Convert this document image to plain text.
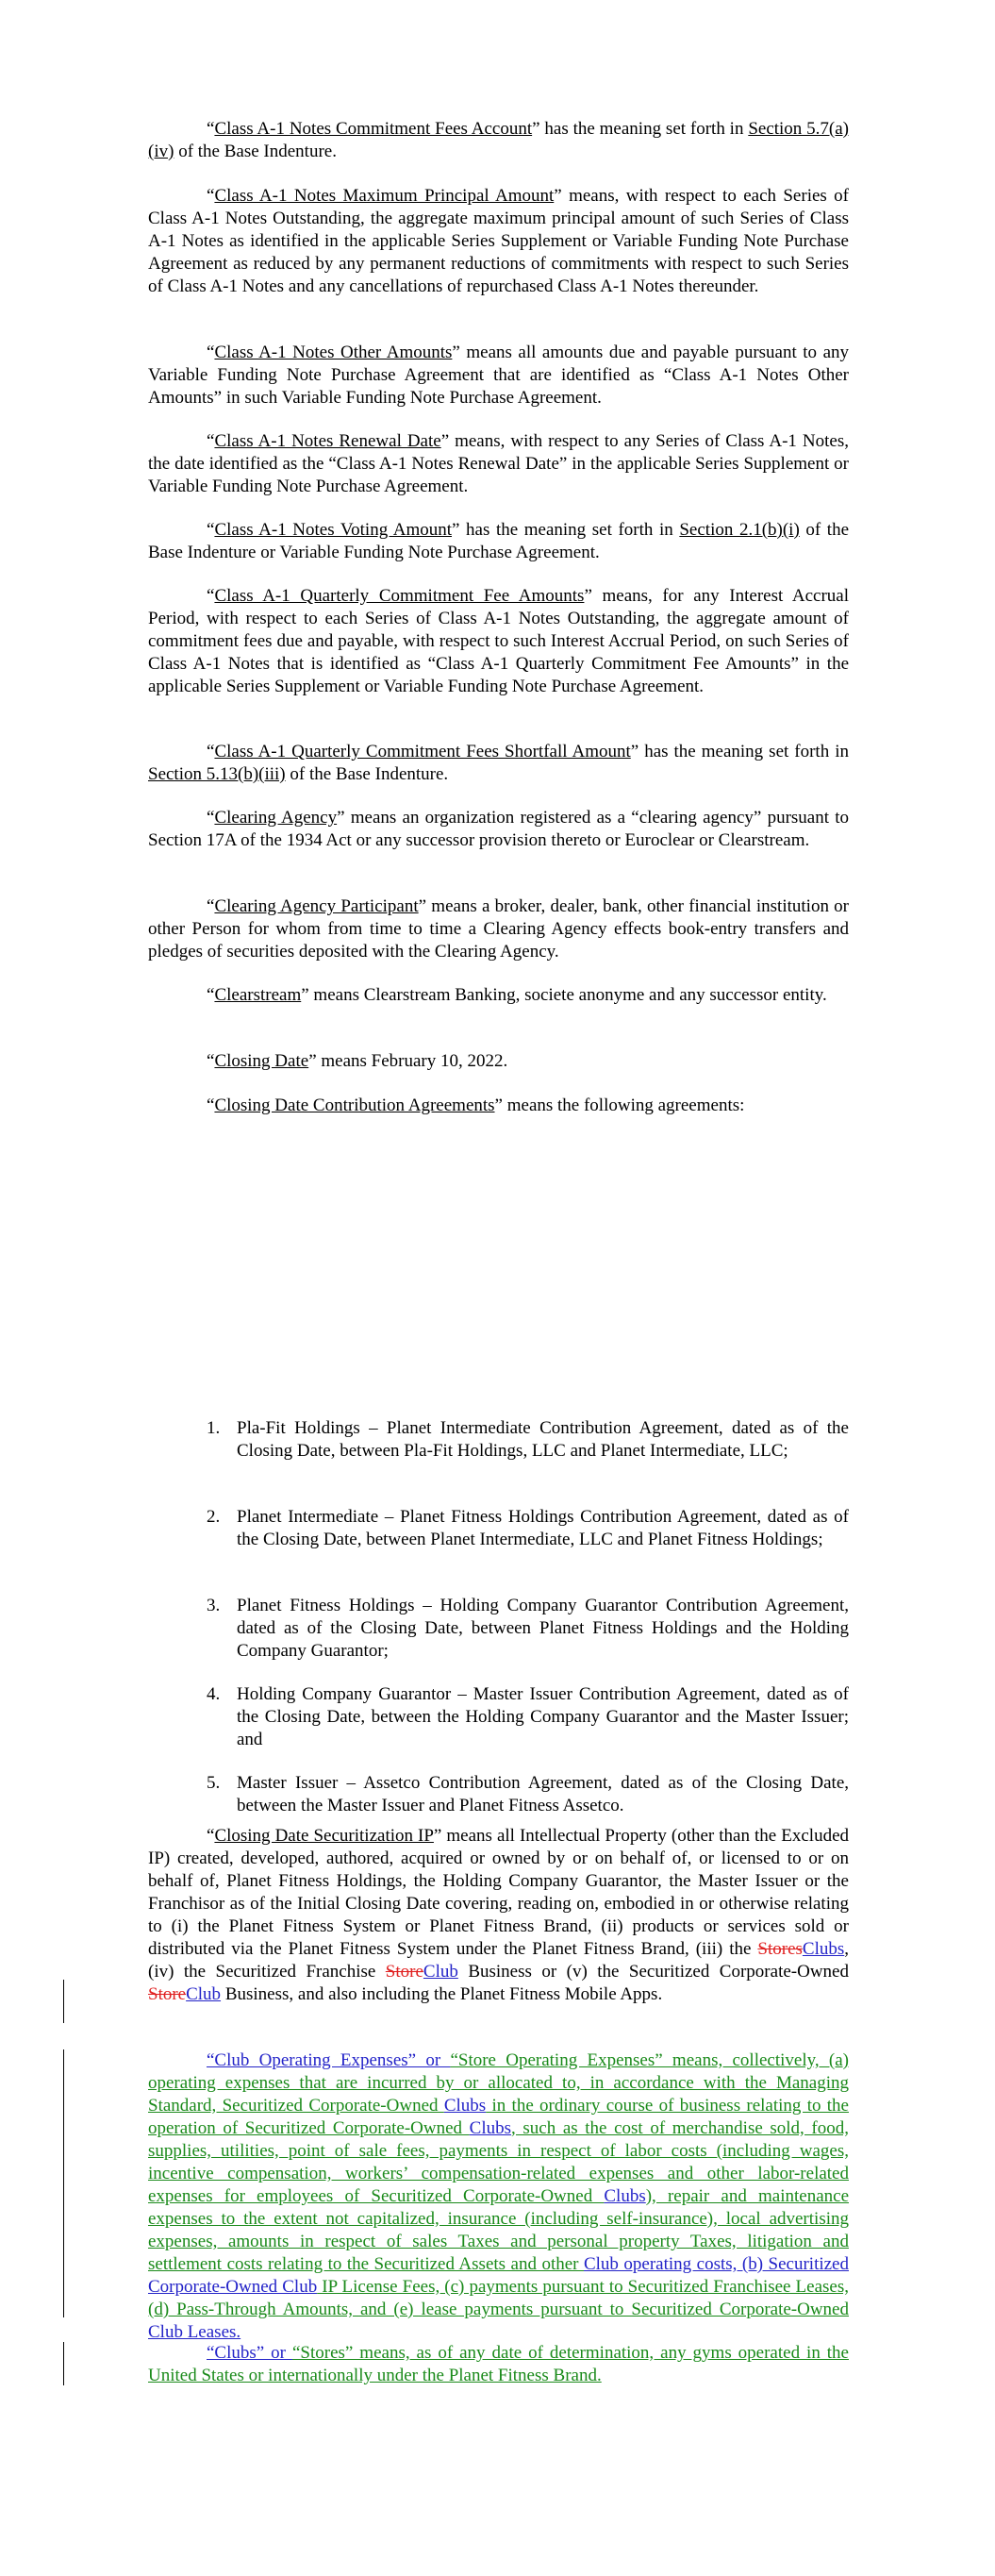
“Class A-1 Notes Commitment Fees Account” has the meaning set forth in Section 5.7(a)(iv) of the Base Indenture.

“Class A-1 Notes Maximum Principal Amount” means, with respect to each Series of Class A-1 Notes Outstanding, the aggregate maximum principal amount of such Series of Class A-1 Notes as identified in the applicable Series Supplement or Variable Funding Note Purchase Agreement as reduced by any permanent reductions of commitments with respect to such Series of Class A-1 Notes and any cancellations of repurchased Class A-1 Notes thereunder.

“Class A-1 Notes Other Amounts” means all amounts due and payable pursuant to any Variable Funding Note Purchase Agreement that are identified as “Class A-1 Notes Other Amounts” in such Variable Funding Note Purchase Agreement.

“Class A-1 Notes Renewal Date” means, with respect to any Series of Class A-1 Notes, the date identified as the “Class A-1 Notes Renewal Date” in the applicable Series Supplement or Variable Funding Note Purchase Agreement.

“Class A-1 Notes Voting Amount” has the meaning set forth in Section 2.1(b)(i) of the Base Indenture or Variable Funding Note Purchase Agreement.

“Class A-1 Quarterly Commitment Fee Amounts” means, for any Interest Accrual Period, with respect to each Series of Class A-1 Notes Outstanding, the aggregate amount of commitment fees due and payable, with respect to such Interest Accrual Period, on such Series of Class A-1 Notes that is identified as “Class A-1 Quarterly Commitment Fee Amounts” in the applicable Series Supplement or Variable Funding Note Purchase Agreement.

“Class A-1 Quarterly Commitment Fees Shortfall Amount” has the meaning set forth in Section 5.13(b)(iii) of the Base Indenture.

“Clearing Agency” means an organization registered as a “clearing agency” pursuant to Section 17A of the 1934 Act or any successor provision thereto or Euroclear or Clearstream.

“Clearing Agency Participant” means a broker, dealer, bank, other financial institution or other Person for whom from time to time a Clearing Agency effects book-entry transfers and pledges of securities deposited with the Clearing Agency.

“Clearstream” means Clearstream Banking, societe anonyme and any successor entity.

“Closing Date” means February 10, 2022.

“Closing Date Contribution Agreements” means the following agreements:

1. Pla-Fit Holdings – Planet Intermediate Contribution Agreement, dated as of the Closing Date, between Pla-Fit Holdings, LLC and Planet Intermediate, LLC;
2. Planet Intermediate – Planet Fitness Holdings Contribution Agreement, dated as of the Closing Date, between Planet Intermediate, LLC and Planet Fitness Holdings;
3. Planet Fitness Holdings – Holding Company Guarantor Contribution Agreement, dated as of the Closing Date, between Planet Fitness Holdings and the Holding Company Guarantor;
4. Holding Company Guarantor – Master Issuer Contribution Agreement, dated as of the Closing Date, between the Holding Company Guarantor and the Master Issuer; and
5. Master Issuer – Assetco Contribution Agreement, dated as of the Closing Date, between the Master Issuer and Planet Fitness Assetco.

“Closing Date Securitization IP” means all Intellectual Property (other than the Excluded IP) created, developed, authored, acquired or owned by or on behalf of, or licensed to or on behalf of, Planet Fitness Holdings, the Holding Company Guarantor, the Master Issuer or the Franchisor as of the Initial Closing Date covering, reading on, embodied in or otherwise relating to (i) the Planet Fitness System or Planet Fitness Brand, (ii) products or services sold or distributed via the Planet Fitness System under the Planet Fitness Brand, (iii) the StoresClubs, (iv) the Securitized Franchise StoreClub Business or (v) the Securitized Corporate-Owned StoreClub Business, and also including the Planet Fitness Mobile Apps.

“Club Operating Expenses” or “Store Operating Expenses” means, collectively, (a) operating expenses that are incurred by or allocated to, in accordance with the Managing Standard, Securitized Corporate-Owned Clubs in the ordinary course of business relating to the operation of Securitized Corporate-Owned Clubs, such as the cost of merchandise sold, food, supplies, utilities, point of sale fees, payments in respect of labor costs (including wages, incentive compensation, workers’ compensation-related expenses and other labor-related expenses for employees of Securitized Corporate-Owned Clubs), repair and maintenance expenses to the extent not capitalized, insurance (including self-insurance), local advertising expenses, amounts in respect of sales Taxes and personal property Taxes, litigation and settlement costs relating to the Securitized Assets and other Club operating costs, (b) Securitized Corporate-Owned Club IP License Fees, (c) payments pursuant to Securitized Franchisee Leases, (d) Pass-Through Amounts, and (e) lease payments pursuant to Securitized Corporate-Owned Club Leases.

“Clubs” or “Stores” means, as of any date of determination, any gyms operated in the United States or internationally under the Planet Fitness Brand.
